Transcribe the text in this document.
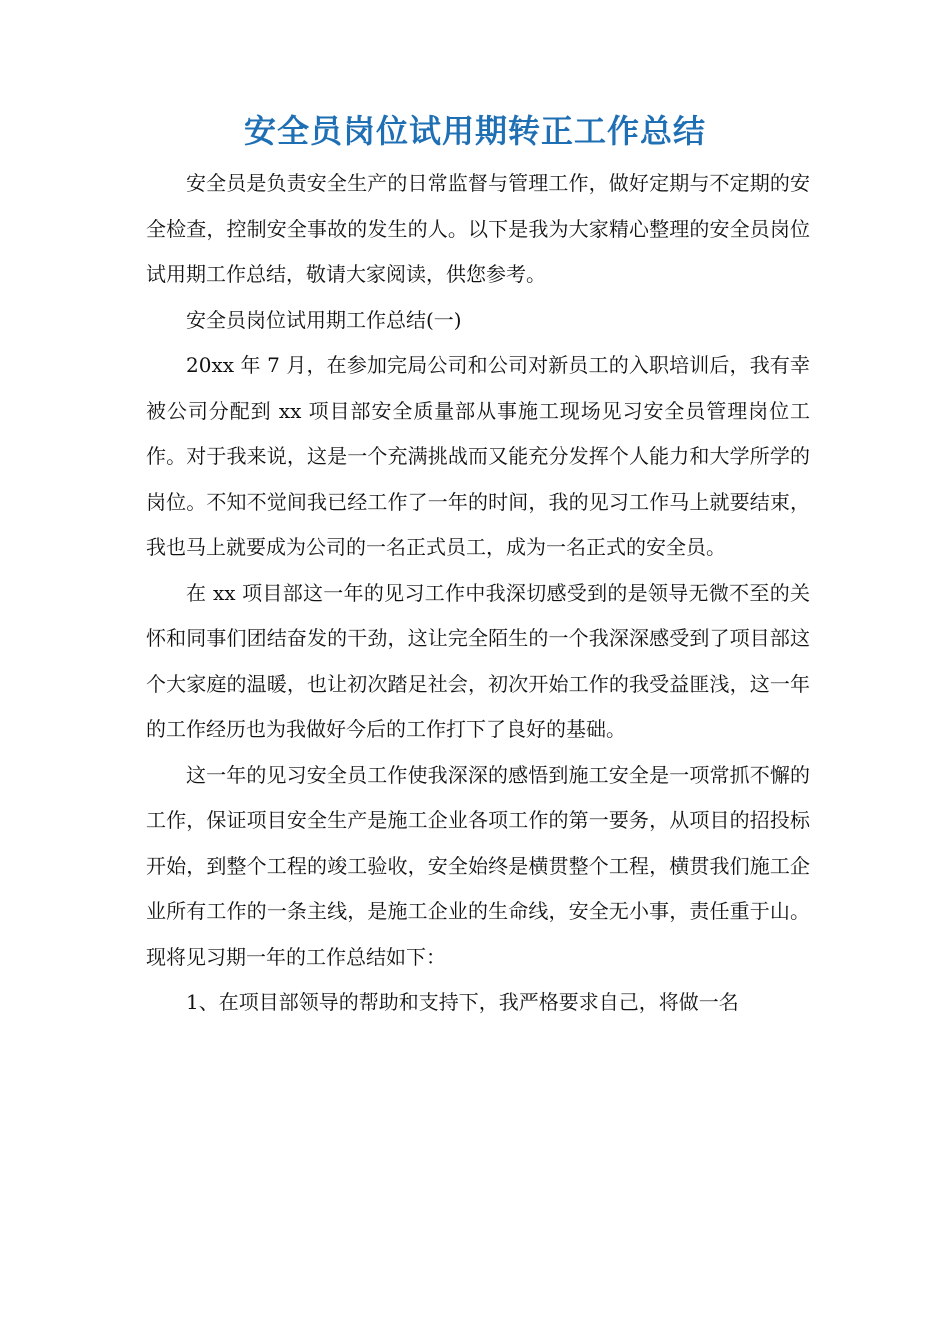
安全员岗位试用期转正工作总结

安全员是负责安全生产的日常监督与管理工作，做好定期与不定期的安全检查，控制安全事故的发生的人。以下是我为大家精心整理的安全员岗位试用期工作总结，敬请大家阅读，供您参考。

安全员岗位试用期工作总结(一)

20xx 年 7 月，在参加完局公司和公司对新员工的入职培训后，我有幸被公司分配到 xx 项目部安全质量部从事施工现场见习安全员管理岗位工作。对于我来说，这是一个充满挑战而又能充分发挥个人能力和大学所学的岗位。不知不觉间我已经工作了一年的时间，我的见习工作马上就要结束，我也马上就要成为公司的一名正式员工，成为一名正式的安全员。

在 xx 项目部这一年的见习工作中我深切感受到的是领导无微不至的关怀和同事们团结奋发的干劲，这让完全陌生的一个我深深感受到了项目部这个大家庭的温暖，也让初次踏足社会，初次开始工作的我受益匪浅，这一年的工作经历也为我做好今后的工作打下了良好的基础。

这一年的见习安全员工作使我深深的感悟到施工安全是一项常抓不懈的工作，保证项目安全生产是施工企业各项工作的第一要务，从项目的招投标开始，到整个工程的竣工验收，安全始终是横贯整个工程，横贯我们施工企业所有工作的一条主线，是施工企业的生命线，安全无小事，责任重于山。现将见习期一年的工作总结如下：

1、在项目部领导的帮助和支持下，我严格要求自己，将做一名
